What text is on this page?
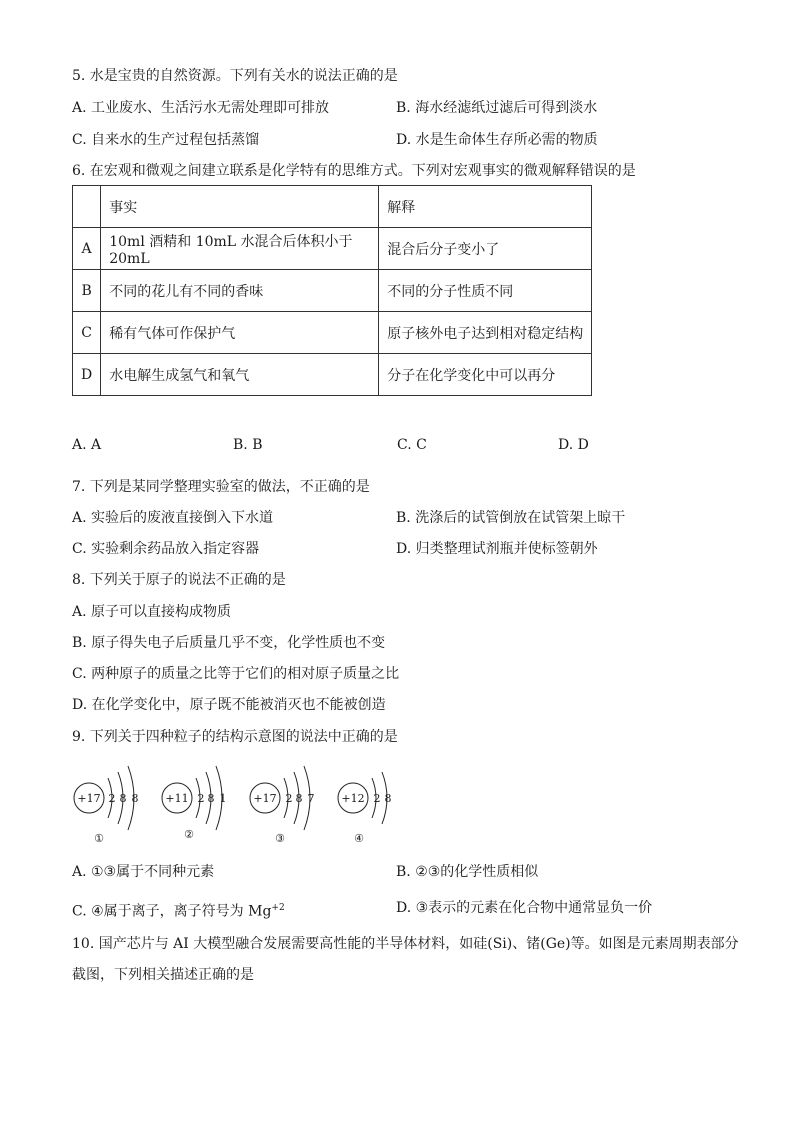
5. 水是宝贵的自然资源。下列有关水的说法正确的是
A. 工业废水、生活污水无需处理即可排放	B. 海水经滤纸过滤后可得到淡水
C. 自来水的生产过程包括蒸馏	D. 水是生命体生存所必需的物质
6. 在宏观和微观之间建立联系是化学特有的思维方式。下列对宏观事实的微观解释错误的是
	事实	解释
A	10ml 酒精和 10mL 水混合后体积小于 20mL	混合后分子变小了
B	不同的花儿有不同的香味	不同的分子性质不同
C	稀有气体可作保护气	原子核外电子达到相对稳定结构
D	水电解生成氢气和氧气	分子在化学变化中可以再分
A. A	B. B	C. C	D. D
7. 下列是某同学整理实验室的做法，不正确的是
A. 实验后的废液直接倒入下水道	B. 洗涤后的试管倒放在试管架上晾干
C. 实验剩余药品放入指定容器	D. 归类整理试剂瓶并使标签朝外
8. 下列关于原子的说法不正确的是
A. 原子可以直接构成物质
B. 原子得失电子后质量几乎不变，化学性质也不变
C. 两种原子的质量之比等于它们的相对原子质量之比
D. 在化学变化中，原子既不能被消灭也不能被创造
9. 下列关于四种粒子的结构示意图的说法中正确的是
+17 2 8 8
①
+11 2 8 1
②
+17 2 8 7
③
+12 2 8
④
A. ①③属于不同种元素	B. ②③的化学性质相似
C. ④属于离子，离子符号为 $Mg^{+2}$	D. ③表示的元素在化合物中通常显负一价
10. 国产芯片与 AI 大模型融合发展需要高性能的半导体材料，如硅(Si)、锗(Ge)等。如图是元素周期表部分
截图，下列相关描述正确的是
